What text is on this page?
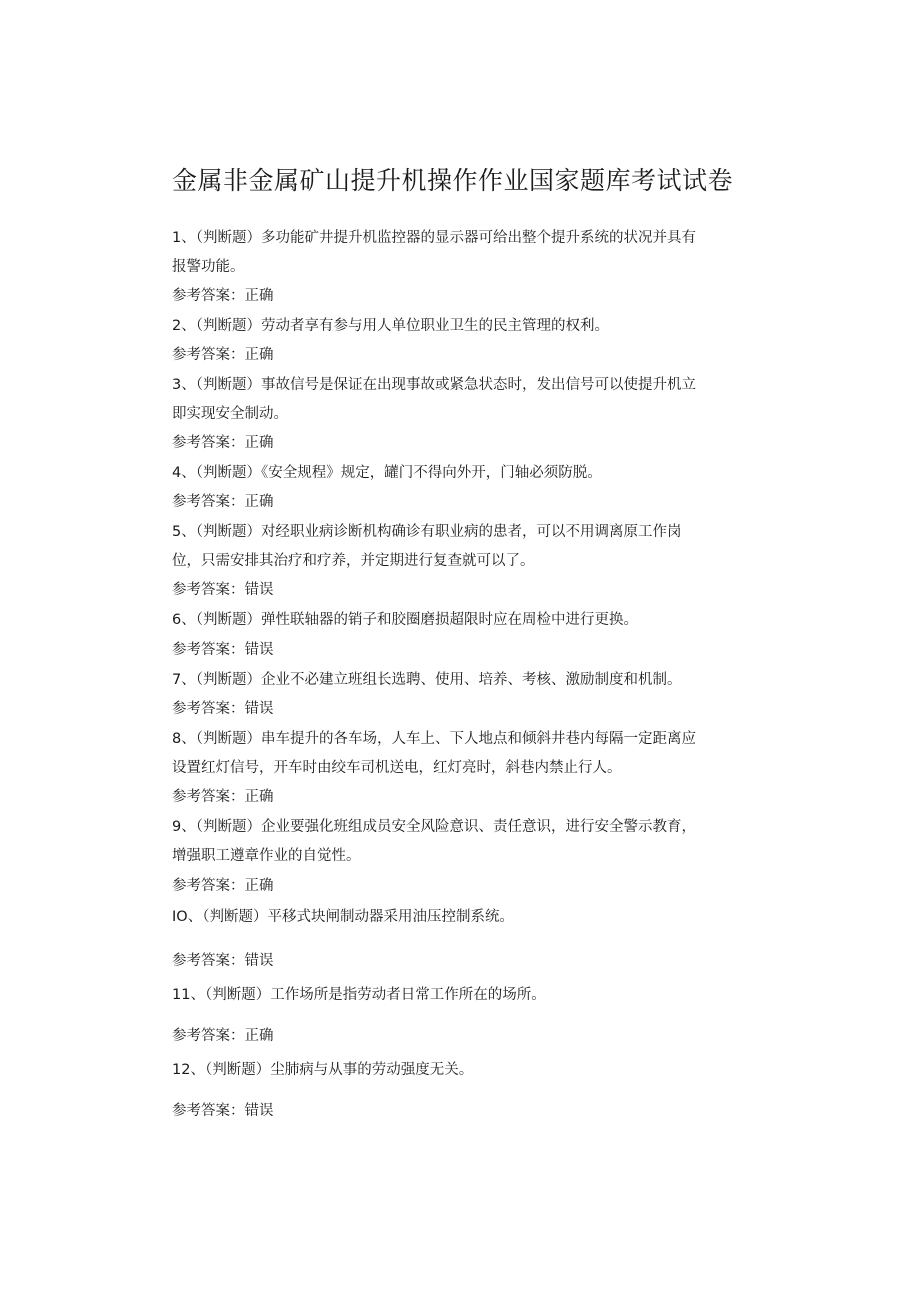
金属非金属矿山提升机操作作业国家题库考试试卷
1、（判断题）多功能矿井提升机监控器的显示器可给出整个提升系统的状况并具有
报警功能。
参考答案：正确
2、（判断题）劳动者享有参与用人单位职业卫生的民主管理的权利。
参考答案：正确
3、（判断题）事故信号是保证在出现事故或紧急状态时，发出信号可以使提升机立
即实现安全制动。
参考答案：正确
4、（判断题）《安全规程》规定，罐门不得向外开，门轴必须防脱。
参考答案：正确
5、（判断题）对经职业病诊断机构确诊有职业病的患者，可以不用调离原工作岗
位，只需安排其治疗和疗养，并定期进行复查就可以了。
参考答案：错误
6、（判断题）弹性联轴器的销子和胶圈磨损超限时应在周检中进行更换。
参考答案：错误
7、（判断题）企业不必建立班组长选聘、使用、培养、考核、激励制度和机制。
参考答案：错误
8、（判断题）串车提升的各车场，人车上、下人地点和倾斜井巷内每隔一定距离应
设置红灯信号，开车时由绞车司机送电，红灯亮时，斜巷内禁止行人。
参考答案：正确
9、（判断题）企业要强化班组成员安全风险意识、责任意识，进行安全警示教育，
增强职工遵章作业的自觉性。
参考答案：正确
IO、（判断题）平移式块闸制动器采用油压控制系统。
参考答案：错误
11、（判断题）工作场所是指劳动者日常工作所在的场所。
参考答案：正确
12、（判断题）尘肺病与从事的劳动强度无关。
参考答案：错误
